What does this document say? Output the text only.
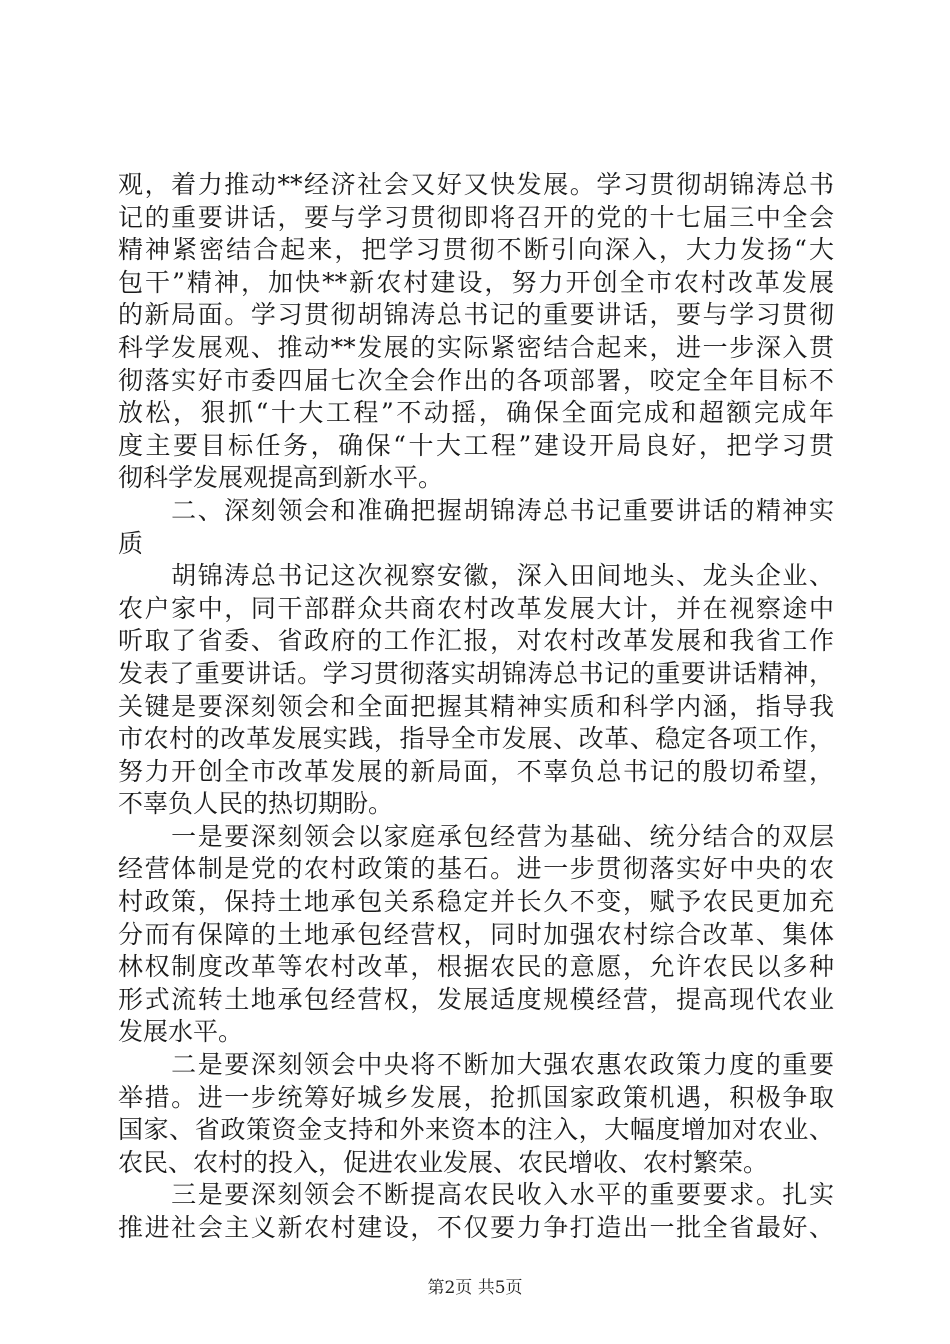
观，着力推动**经济社会又好又快发展。学习贯彻胡锦涛总书
记的重要讲话，要与学习贯彻即将召开的党的十七届三中全会
精神紧密结合起来，把学习贯彻不断引向深入，大力发扬“大
包干”精神，加快**新农村建设，努力开创全市农村改革发展
的新局面。学习贯彻胡锦涛总书记的重要讲话，要与学习贯彻
科学发展观、推动**发展的实际紧密结合起来，进一步深入贯
彻落实好市委四届七次全会作出的各项部署，咬定全年目标不
放松，狠抓“十大工程”不动摇，确保全面完成和超额完成年
度主要目标任务，确保“十大工程”建设开局良好，把学习贯
彻科学发展观提高到新水平。
　　二、深刻领会和准确把握胡锦涛总书记重要讲话的精神实
质
　　胡锦涛总书记这次视察安徽，深入田间地头、龙头企业、
农户家中，同干部群众共商农村改革发展大计，并在视察途中
听取了省委、省政府的工作汇报，对农村改革发展和我省工作
发表了重要讲话。学习贯彻落实胡锦涛总书记的重要讲话精神，
关键是要深刻领会和全面把握其精神实质和科学内涵，指导我
市农村的改革发展实践，指导全市发展、改革、稳定各项工作，
努力开创全市改革发展的新局面，不辜负总书记的殷切希望，
不辜负人民的热切期盼。
　　一是要深刻领会以家庭承包经营为基础、统分结合的双层
经营体制是党的农村政策的基石。进一步贯彻落实好中央的农
村政策，保持土地承包关系稳定并长久不变，赋予农民更加充
分而有保障的土地承包经营权，同时加强农村综合改革、集体
林权制度改革等农村改革，根据农民的意愿，允许农民以多种
形式流转土地承包经营权，发展适度规模经营，提高现代农业
发展水平。
　　二是要深刻领会中央将不断加大强农惠农政策力度的重要
举措。进一步统筹好城乡发展，抢抓国家政策机遇，积极争取
国家、省政策资金支持和外来资本的注入，大幅度增加对农业、
农民、农村的投入，促进农业发展、农民增收、农村繁荣。
　　三是要深刻领会不断提高农民收入水平的重要要求。扎实
推进社会主义新农村建设，不仅要力争打造出一批全省最好、
第2页 共5页
